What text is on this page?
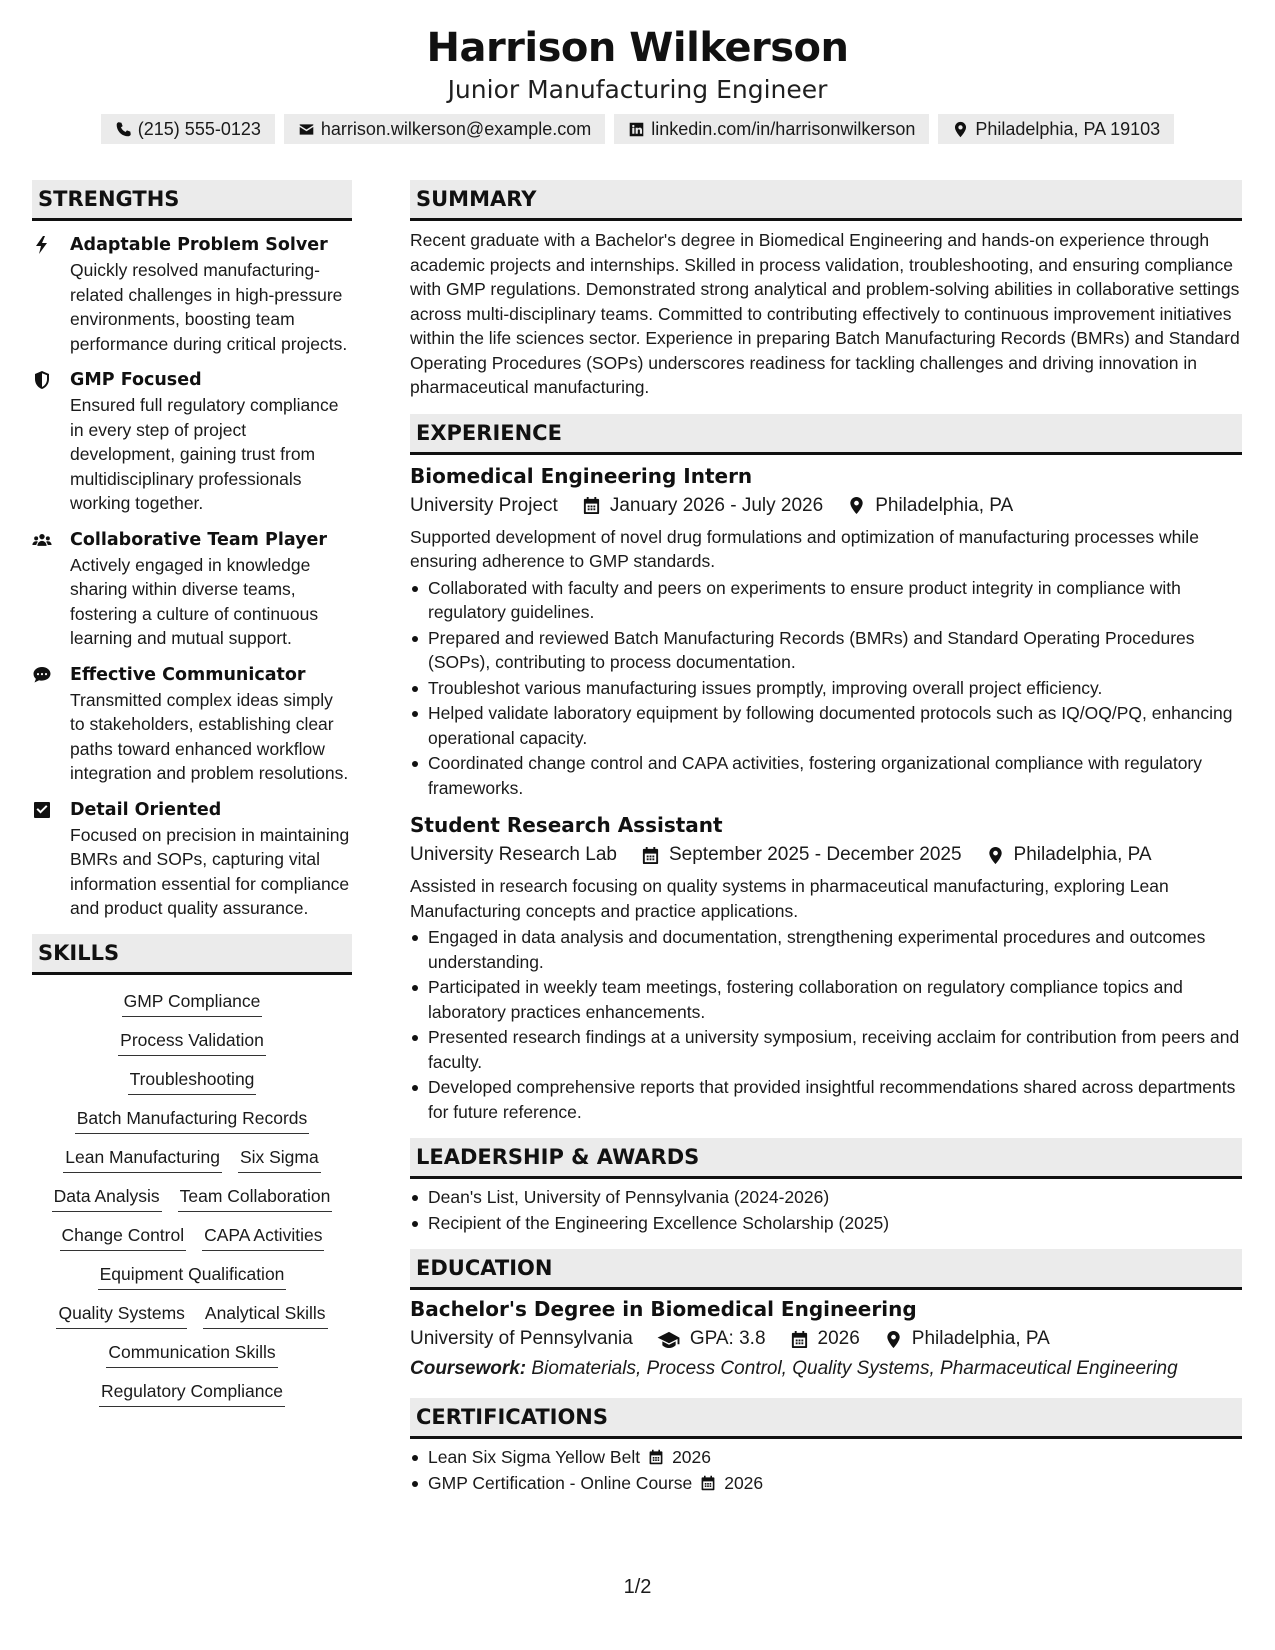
Harrison Wilkerson
Junior Manufacturing Engineer
(215) 555-0123	harrison.wilkerson@example.com	linkedin.com/in/harrisonwilkerson	Philadelphia, PA 19103
STRENGTHS
Adaptable Problem Solver
Quickly resolved manufacturing-related challenges in high-pressure environments, boosting team performance during critical projects.
GMP Focused
Ensured full regulatory compliance in every step of project development, gaining trust from multidisciplinary professionals working together.
Collaborative Team Player
Actively engaged in knowledge sharing within diverse teams, fostering a culture of continuous learning and mutual support.
Effective Communicator
Transmitted complex ideas simply to stakeholders, establishing clear paths toward enhanced workflow integration and problem resolutions.
Detail Oriented
Focused on precision in maintaining BMRs and SOPs, capturing vital information essential for compliance and product quality assurance.
SKILLS
GMP Compliance
Process Validation
Troubleshooting
Batch Manufacturing Records
Lean Manufacturing Six Sigma
Data Analysis Team Collaboration
Change Control CAPA Activities
Equipment Qualification
Quality Systems Analytical Skills
Communication Skills
Regulatory Compliance
SUMMARY
Recent graduate with a Bachelor's degree in Biomedical Engineering and hands-on experience through academic projects and internships. Skilled in process validation, troubleshooting, and ensuring compliance with GMP regulations. Demonstrated strong analytical and problem-solving abilities in collaborative settings across multi-disciplinary teams. Committed to contributing effectively to continuous improvement initiatives within the life sciences sector. Experience in preparing Batch Manufacturing Records (BMRs) and Standard Operating Procedures (SOPs) underscores readiness for tackling challenges and driving innovation in pharmaceutical manufacturing.
EXPERIENCE
Biomedical Engineering Intern
University Project	January 2026 - July 2026	Philadelphia, PA
Supported development of novel drug formulations and optimization of manufacturing processes while ensuring adherence to GMP standards.
Collaborated with faculty and peers on experiments to ensure product integrity in compliance with regulatory guidelines.
Prepared and reviewed Batch Manufacturing Records (BMRs) and Standard Operating Procedures (SOPs), contributing to process documentation.
Troubleshot various manufacturing issues promptly, improving overall project efficiency.
Helped validate laboratory equipment by following documented protocols such as IQ/OQ/PQ, enhancing operational capacity.
Coordinated change control and CAPA activities, fostering organizational compliance with regulatory frameworks.
Student Research Assistant
University Research Lab	September 2025 - December 2025	Philadelphia, PA
Assisted in research focusing on quality systems in pharmaceutical manufacturing, exploring Lean Manufacturing concepts and practice applications.
Engaged in data analysis and documentation, strengthening experimental procedures and outcomes understanding.
Participated in weekly team meetings, fostering collaboration on regulatory compliance topics and laboratory practices enhancements.
Presented research findings at a university symposium, receiving acclaim for contribution from peers and faculty.
Developed comprehensive reports that provided insightful recommendations shared across departments for future reference.
LEADERSHIP & AWARDS
Dean's List, University of Pennsylvania (2024-2026)
Recipient of the Engineering Excellence Scholarship (2025)
EDUCATION
Bachelor's Degree in Biomedical Engineering
University of Pennsylvania	GPA: 3.8	2026	Philadelphia, PA
Coursework: Biomaterials, Process Control, Quality Systems, Pharmaceutical Engineering
CERTIFICATIONS
Lean Six Sigma Yellow Belt 2026
GMP Certification - Online Course 2026
1/2
